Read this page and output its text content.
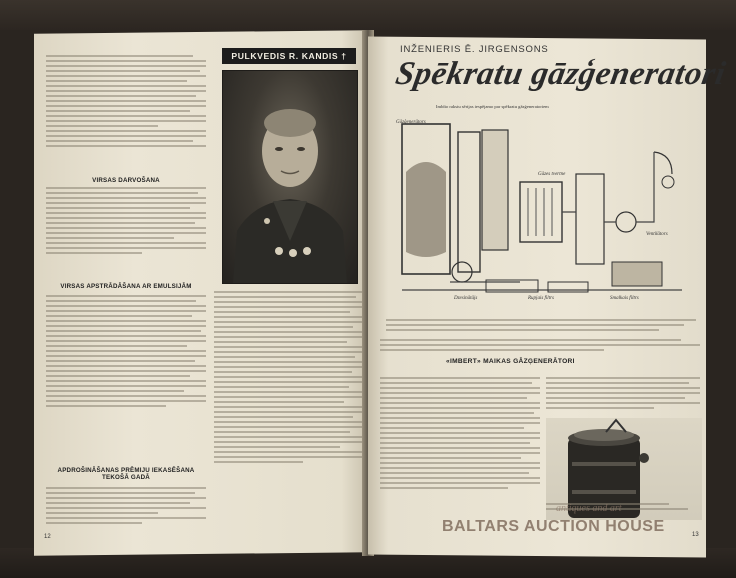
VIRSAS DARVOŠANA
VIRSAS APSTRĀDĀŠANA AR EMULSIJĀM
APDROŠINĀŠANAS PRĒMIJU IEKASĒŠANA TEKOŠĀ GADĀ
PULKVEDIS R. KANDIS †
12
INŽENIERIS Ē. JIRGENSONS
Spēkratu gāzģeneratori
Imbīto rakstu sērijas iespējamo par spēkratu gāzģeneratoriem
Gāzģenerātors
Gāzes tvertne
Ventilātors
Smalkais filtrs
Rupjais filtrs
Dzesinātājs
«IMBERT» MAIKAS GĀZĢENERĀTORI
13
antiques and art
BALTARS AUCTION HOUSE
